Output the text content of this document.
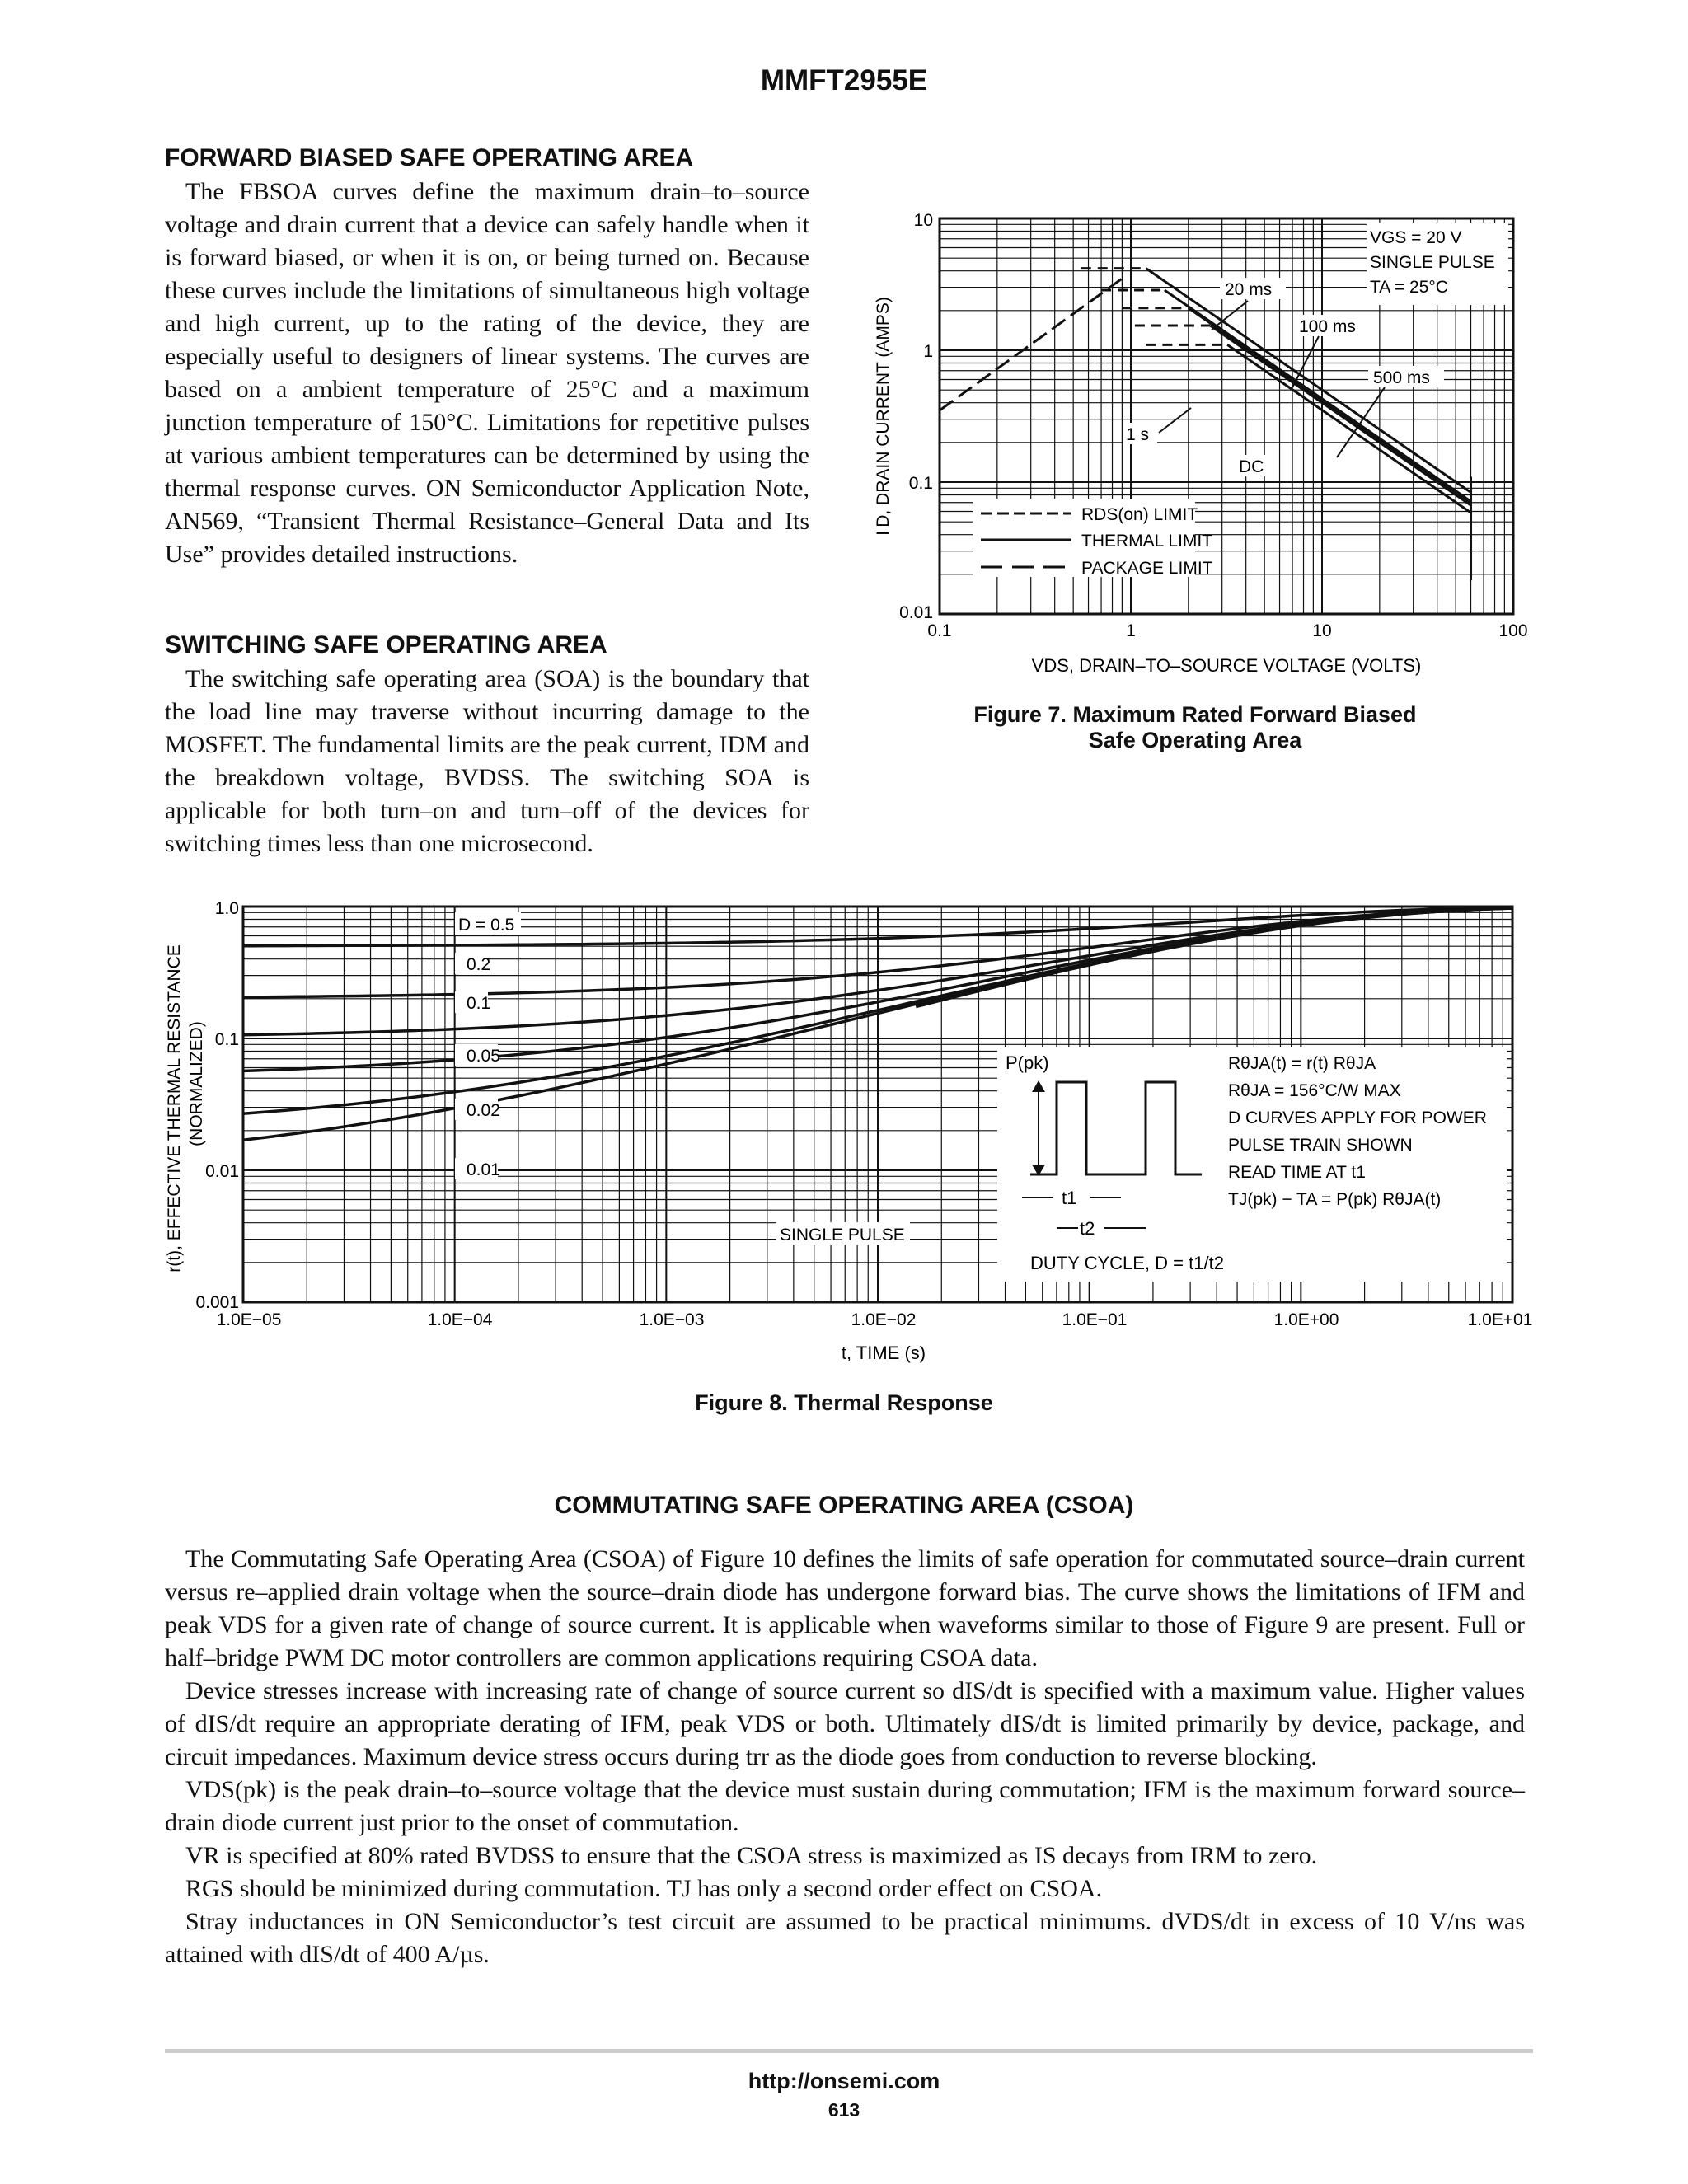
MMFT2955E
FORWARD BIASED SAFE OPERATING AREA

The FBSOA curves define the maximum drain–to–source voltage and drain current that a device can safely handle when it is forward biased, or when it is on, or being turned on. Because these curves include the limitations of simultaneous high voltage and high current, up to the rating of the device, they are especially useful to designers of linear systems. The curves are based on a ambient temperature of 25°C and a maximum junction temperature of 150°C. Limitations for repetitive pulses at various ambient temperatures can be determined by using the thermal response curves. ON Semiconductor Application Note, AN569, “Transient Thermal Resistance–General Data and Its Use” provides detailed instructions.

SWITCHING SAFE OPERATING AREA

The switching safe operating area (SOA) is the boundary that the load line may traverse without incurring damage to the MOSFET. The fundamental limits are the peak current, IDM and the breakdown voltage, BVDSS. The switching SOA is applicable for both turn–on and turn–off of the devices for switching times less than one microsecond.

10
1
0.1
0.01
0.1	1	10	100
VDS, DRAIN–TO–SOURCE VOLTAGE (VOLTS)
I D, DRAIN CURRENT (AMPS)
VGS = 20 V
SINGLE PULSE
TA = 25°C
20 ms
100 ms
500 ms
1 s
DC
RDS(on) LIMIT
THERMAL LIMIT
PACKAGE LIMIT
Figure 7. Maximum Rated Forward Biased
Safe Operating Area
1.0
0.1
0.01
0.001
1.0E−05	1.0E−04	1.0E−03	1.0E−02	1.0E−01	1.0E+00	1.0E+01
t, TIME (s)
r(t), EFFECTIVE THERMAL RESISTANCE (NORMALIZED)
D = 0.5
0.2
0.1
0.05
0.02
0.01
SINGLE PULSE
P(pk)
t1
t2
DUTY CYCLE, D = t1/t2
RθJA(t) = r(t) RθJA
RθJA = 156°C/W MAX
D CURVES APPLY FOR POWER
PULSE TRAIN SHOWN
READ TIME AT t1
TJ(pk) − TA = P(pk) RθJA(t)
Figure 8. Thermal Response
COMMUTATING SAFE OPERATING AREA (CSOA)

The Commutating Safe Operating Area (CSOA) of Figure 10 defines the limits of safe operation for commutated source–drain current versus re–applied drain voltage when the source–drain diode has undergone forward bias. The curve shows the limitations of IFM and peak VDS for a given rate of change of source current. It is applicable when waveforms similar to those of Figure 9 are present. Full or half–bridge PWM DC motor controllers are common applications requiring CSOA data.

Device stresses increase with increasing rate of change of source current so dIS/dt is specified with a maximum value. Higher values of dIS/dt require an appropriate derating of IFM, peak VDS or both. Ultimately dIS/dt is limited primarily by device, package, and circuit impedances. Maximum device stress occurs during trr as the diode goes from conduction to reverse blocking.

VDS(pk) is the peak drain–to–source voltage that the device must sustain during commutation; IFM is the maximum forward source–drain diode current just prior to the onset of commutation.

VR is specified at 80% rated BVDSS to ensure that the CSOA stress is maximized as IS decays from IRM to zero.

RGS should be minimized during commutation. TJ has only a second order effect on CSOA.

Stray inductances in ON Semiconductor’s test circuit are assumed to be practical minimums. dVDS/dt in excess of 10 V/ns was attained with dIS/dt of 400 A/µs.

http://onsemi.com
613
